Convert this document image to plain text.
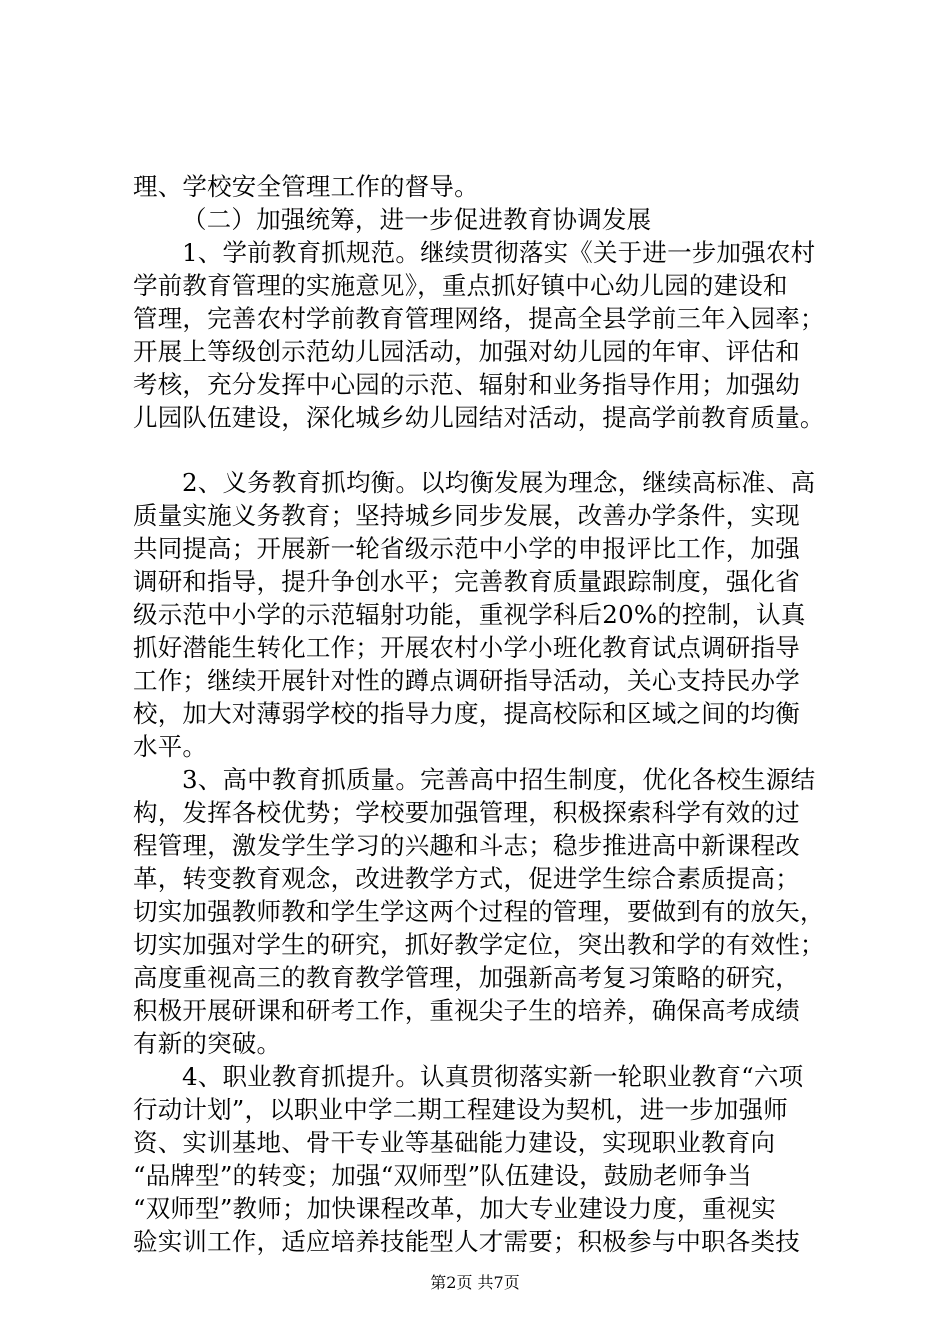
理、学校安全管理工作的督导。
（二）加强统筹，进一步促进教育协调发展
1、学前教育抓规范。继续贯彻落实《关于进一步加强农村
学前教育管理的实施意见》，重点抓好镇中心幼儿园的建设和
管理，完善农村学前教育管理网络，提高全县学前三年入园率；
开展上等级创示范幼儿园活动，加强对幼儿园的年审、评估和
考核，充分发挥中心园的示范、辐射和业务指导作用；加强幼
儿园队伍建设，深化城乡幼儿园结对活动，提高学前教育质量。
2、义务教育抓均衡。以均衡发展为理念，继续高标准、高
质量实施义务教育；坚持城乡同步发展，改善办学条件，实现
共同提高；开展新一轮省级示范中小学的申报评比工作，加强
调研和指导，提升争创水平；完善教育质量跟踪制度，强化省
级示范中小学的示范辐射功能，重视学科后20%的控制，认真
抓好潜能生转化工作；开展农村小学小班化教育试点调研指导
工作；继续开展针对性的蹲点调研指导活动，关心支持民办学
校，加大对薄弱学校的指导力度，提高校际和区域之间的均衡
水平。
3、高中教育抓质量。完善高中招生制度，优化各校生源结
构，发挥各校优势；学校要加强管理，积极探索科学有效的过
程管理，激发学生学习的兴趣和斗志；稳步推进高中新课程改
革，转变教育观念，改进教学方式，促进学生综合素质提高；
切实加强教师教和学生学这两个过程的管理，要做到有的放矢，
切实加强对学生的研究，抓好教学定位，突出教和学的有效性；
高度重视高三的教育教学管理，加强新高考复习策略的研究，
积极开展研课和研考工作，重视尖子生的培养，确保高考成绩
有新的突破。
4、职业教育抓提升。认真贯彻落实新一轮职业教育“六项
行动计划”，以职业中学二期工程建设为契机，进一步加强师
资、实训基地、骨干专业等基础能力建设，实现职业教育向
“品牌型”的转变；加强“双师型”队伍建设，鼓励老师争当
“双师型”教师；加快课程改革，加大专业建设力度，重视实
验实训工作，适应培养技能型人才需要；积极参与中职各类技
第2页 共7页
